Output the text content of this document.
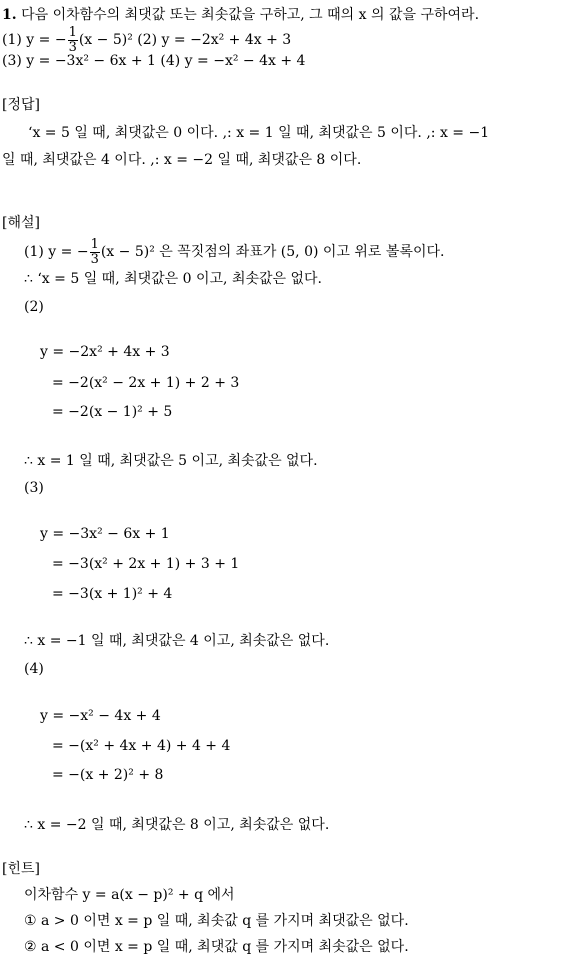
1. 다음 이차함수의 최댓값 또는 최솟값을 구하고, 그 때의 x 의 값을 구하여라.
(1) y = − $\frac{1}{3} (x - 5)^2$ (2) y = −2x² + 4x + 3
(3) y = −3x² − 6x + 1 (4) y = −x² − 4x + 4
[정답]
‘x = 5 일 때, 최댓값은 0 이다. ,: x = 1 일 때, 최댓값은 5 이다. ,: x = −1
일 때, 최댓값은 4 이다. ,: x = −2 일 때, 최댓값은 8 이다.
[해설]
(1) y = − $\frac{1}{3} (x - 5)^2$ 은 꼭짓점의 좌표가 (5, 0) 이고 위로 볼록이다.
∴ ‘x = 5 일 때, 최댓값은 0 이고, 최솟값은 없다.
(2)
y = −2x² + 4x + 3
= −2(x² − 2x + 1) + 2 + 3
= −2(x − 1)² + 5
∴ x = 1 일 때, 최댓값은 5 이고, 최솟값은 없다.
(3)
y = −3x² − 6x + 1
= −3(x² + 2x + 1) + 3 + 1
= −3(x + 1)² + 4
∴ x = −1 일 때, 최댓값은 4 이고, 최솟값은 없다.
(4)
y = −x² − 4x + 4
= −(x² + 4x + 4) + 4 + 4
= −(x + 2)² + 8
∴ x = −2 일 때, 최댓값은 8 이고, 최솟값은 없다.
[힌트]
이차함수 y = a(x − p)² + q 에서
① a > 0 이면 x = p 일 때, 최솟값 q 를 가지며 최댓값은 없다.
② a < 0 이면 x = p 일 때, 최댓값 q 를 가지며 최솟값은 없다.
